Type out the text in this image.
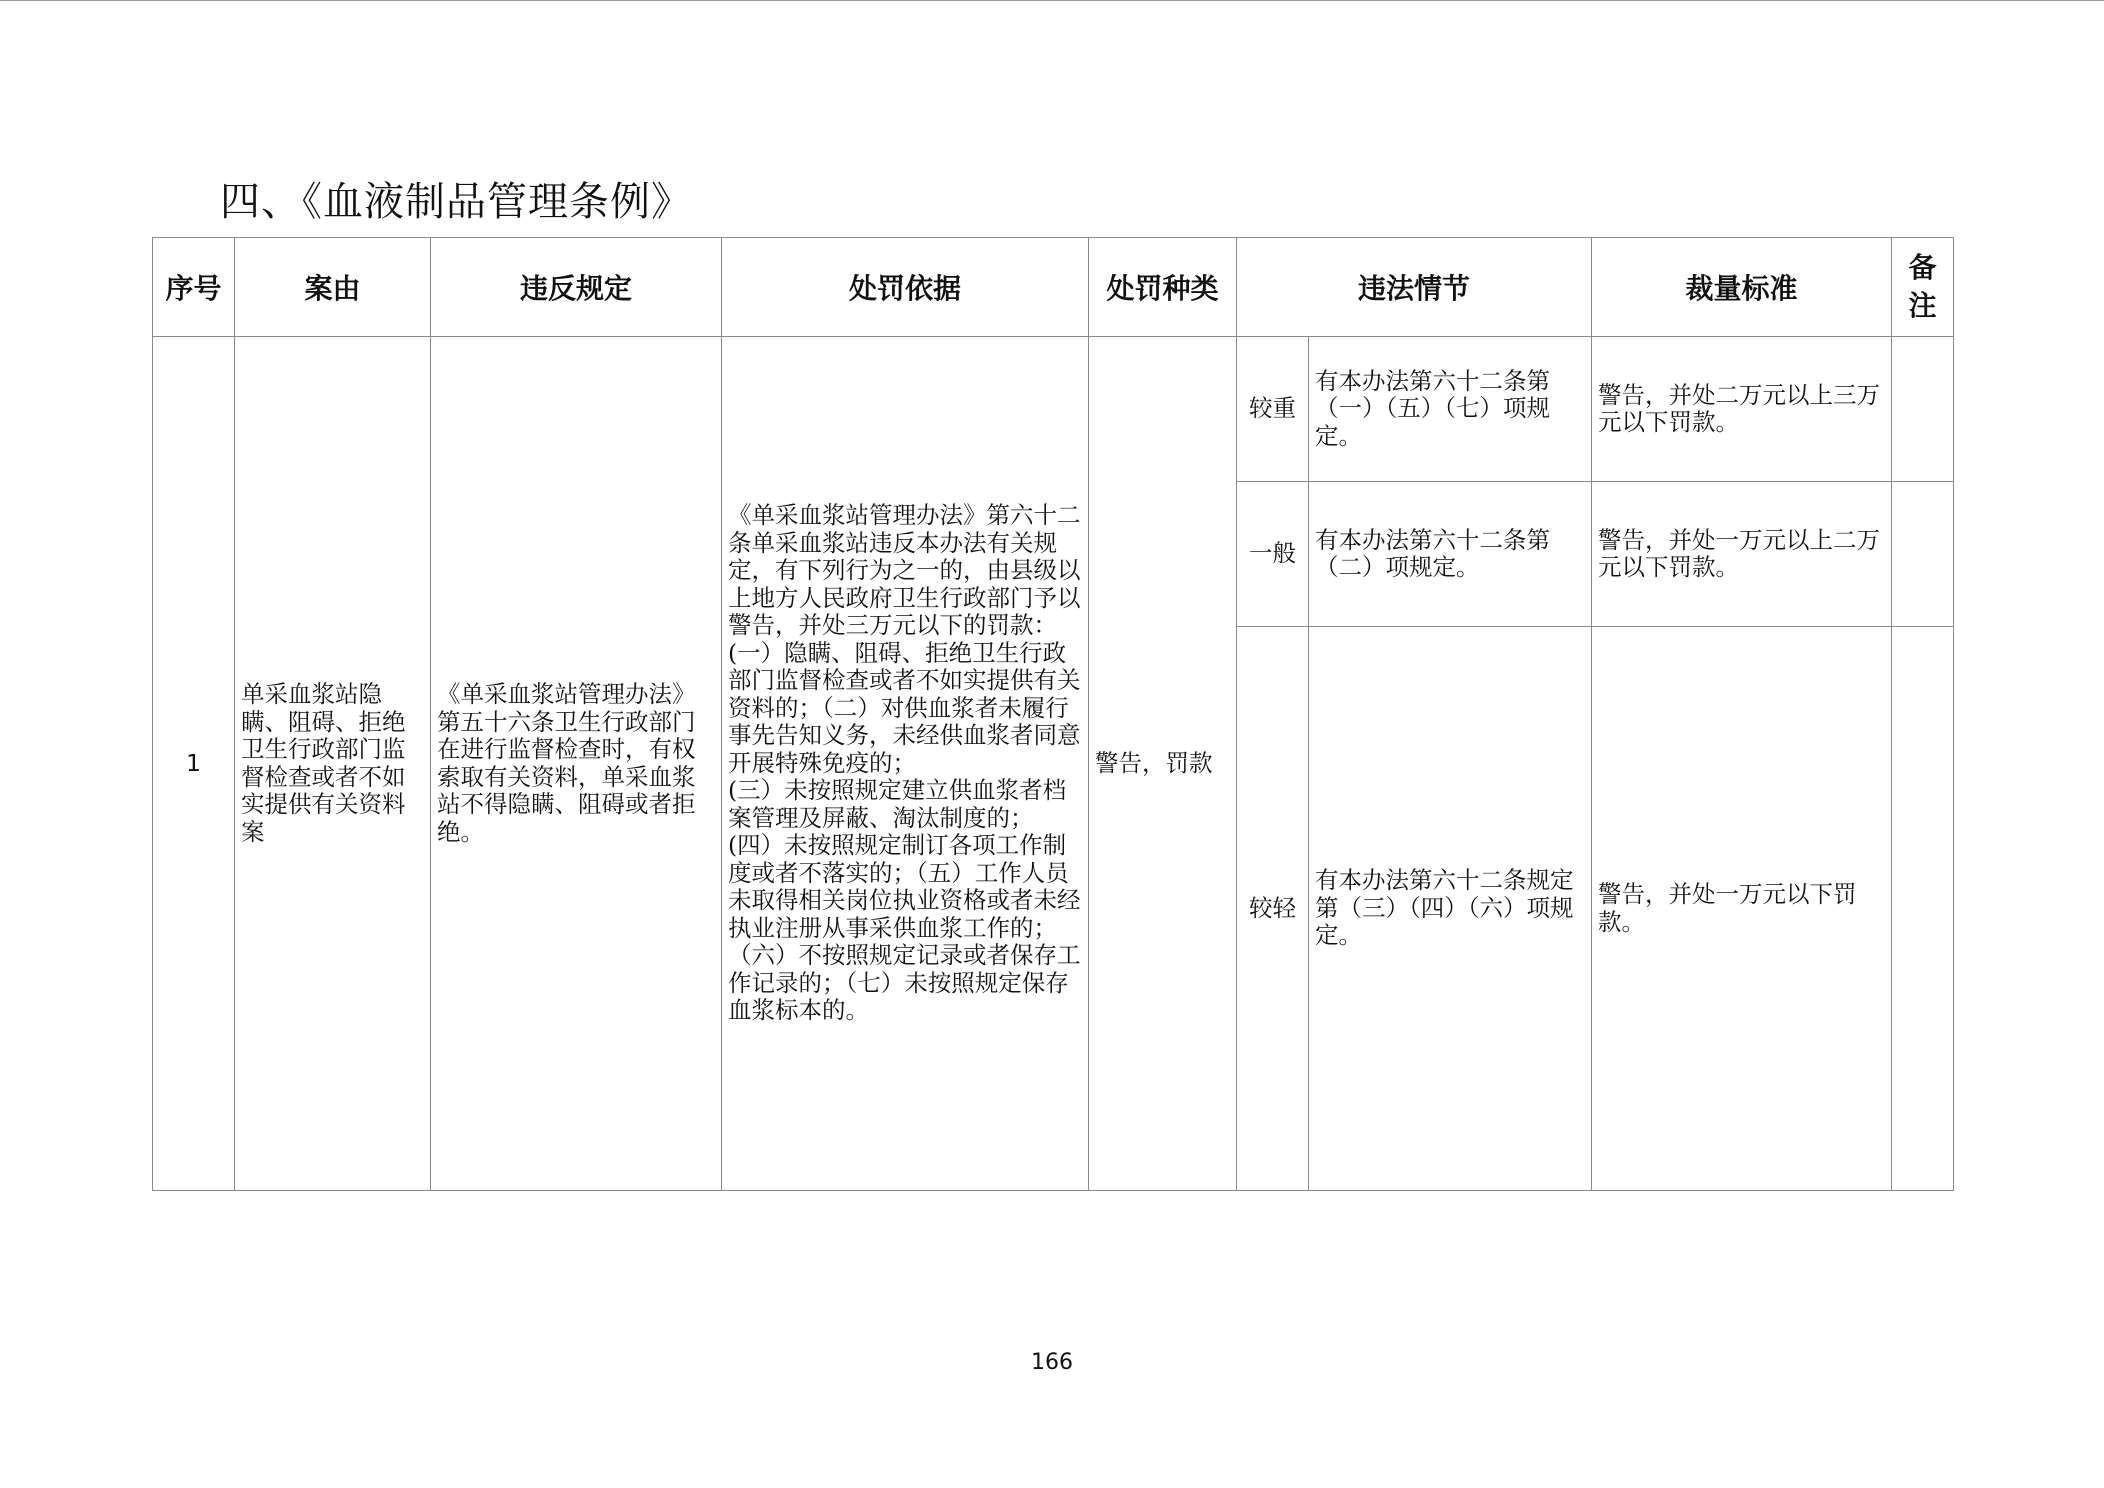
四、《血液制品管理条例》
序号	案由	违反规定	处罚依据	处罚种类	违法情节		裁量标准	备
注

1	单采血浆站隐瞒、阻碍、拒绝卫生行政部门监督检查或者不如实提供有关资料案	《单采血浆站管理办法》第五十六条卫生行政部门在进行监督检查时，有权索取有关资料，单采血浆站不得隐瞒、阻碍或者拒绝。	《单采血浆站管理办法》第六十二条单采血浆站违反本办法有关规定，有下列行为之一的，由县级以上地方人民政府卫生行政部门予以警告，并处三万元以下的罚款：
(一）隐瞒、阻碍、拒绝卫生行政部门监督检查或者不如实提供有关资料的；（二）对供血浆者未履行事先告知义务，未经供血浆者同意开展特殊免疫的；
(三）未按照规定建立供血浆者档案管理及屏蔽、淘汰制度的；
(四）未按照规定制订各项工作制度或者不落实的；（五）工作人员未取得相关岗位执业资格或者未经执业注册从事采供血浆工作的；（六）不按照规定记录或者保存工作记录的；（七）未按照规定保存血浆标本的。	警告，罚款	较重	有本办法第六十二条第（一）（五）（七）项规定。	警告，并处二万元以上三万元以下罚款。	

					一般	有本办法第六十二条第（二）项规定。	警告，并处一万元以上二万元以下罚款。	

					较轻	有本办法第六十二条规定第（三）（四）（六）项规定。	警告，并处一万元以下罚款。	

166
